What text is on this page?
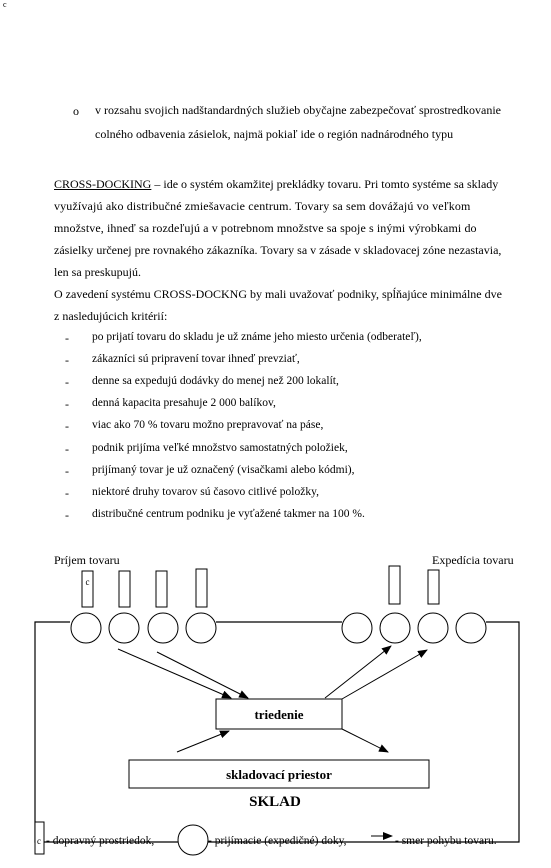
c
o v rozsahu svojich nadštandardných služieb obyčajne zabezpečovať sprostredkovanie
colného odbavenia zásielok, najmä pokiaľ ide o región nadnárodného typu
CROSS-DOCKING – ide o systém okamžitej prekládky tovaru. Pri tomto systéme sa sklady
využívajú ako distribučné zmiešavacie centrum. Tovary sa sem dovážajú vo veľkom
množstve, ihneď sa rozdeľujú a v potrebnom množstve sa spoje s inými výrobkami do
zásielky určenej pre rovnakého zákazníka. Tovary sa v zásade v skladovacej zóne nezastavia,
len sa preskupujú.
O zavedení systému CROSS-DOCKNG by mali uvažovať podniky, spĺňajúce minimálne dve
z nasledujúcich kritérií:
- po prijatí tovaru do skladu je už známe jeho miesto určenia (odberateľ),
- zákazníci sú pripravení tovar ihneď prevziať,
- denne sa expedujú dodávky do menej než 200 lokalít,
- denná kapacita presahuje 2 000 balíkov,
- viac ako 70 % tovaru možno prepravovať na páse,
- podnik prijíma veľké množstvo samostatných položiek,
- prijímaný tovar je už označený (visačkami alebo kódmi),
- niektoré druhy tovarov sú časovo citlivé položky,
- distribučné centrum podniku je vyťažené takmer na 100 %.
Príjem tovaru	Expedícia tovaru
c
triedenie
skladovací priestor
SKLAD
c - dopravný prostriedok,	- prijímacie (expedičné) doky,	- smer pohybu tovaru.
